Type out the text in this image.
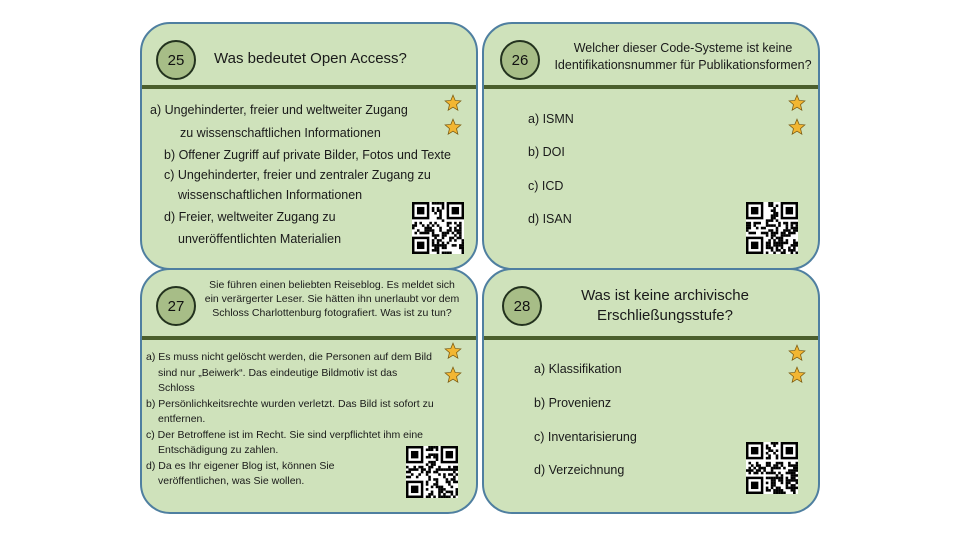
25	Was bedeutet Open Access?
a) Ungehinderter, freier und weltweiter Zugang
zu wissenschaftlichen Informationen
b) Offener Zugriff auf private Bilder, Fotos und Texte
c) Ungehinderter, freier und zentraler Zugang zu
wissenschaftlichen Informationen
d) Freier, weltweiter Zugang zu
unveröffentlichten Materialien
26
Welcher dieser Code-Systeme ist keine Identifikationsnummer für Publikationsformen?
a) ISMN
b) DOI
c) ICD
d) ISAN
27
Sie führen einen beliebten Reiseblog. Es meldet sich ein verärgerter Leser. Sie hätten ihn unerlaubt vor dem Schloss Charlottenburg fotografiert. Was ist zu tun?
a) Es muss nicht gelöscht werden, die Personen auf dem Bild
sind nur „Beiwerk“. Das eindeutige Bildmotiv ist das
Schloss
b) Persönlichkeitsrechte wurden verletzt. Das Bild ist sofort zu
entfernen.
c) Der Betroffene ist im Recht. Sie sind verpflichtet ihm eine
Entschädigung zu zahlen.
d) Da es Ihr eigener Blog ist, können Sie
veröffentlichen, was Sie wollen.
28
Was ist keine archivische Erschließungsstufe?
a) Klassifikation
b) Provenienz
c) Inventarisierung
d) Verzeichnung
